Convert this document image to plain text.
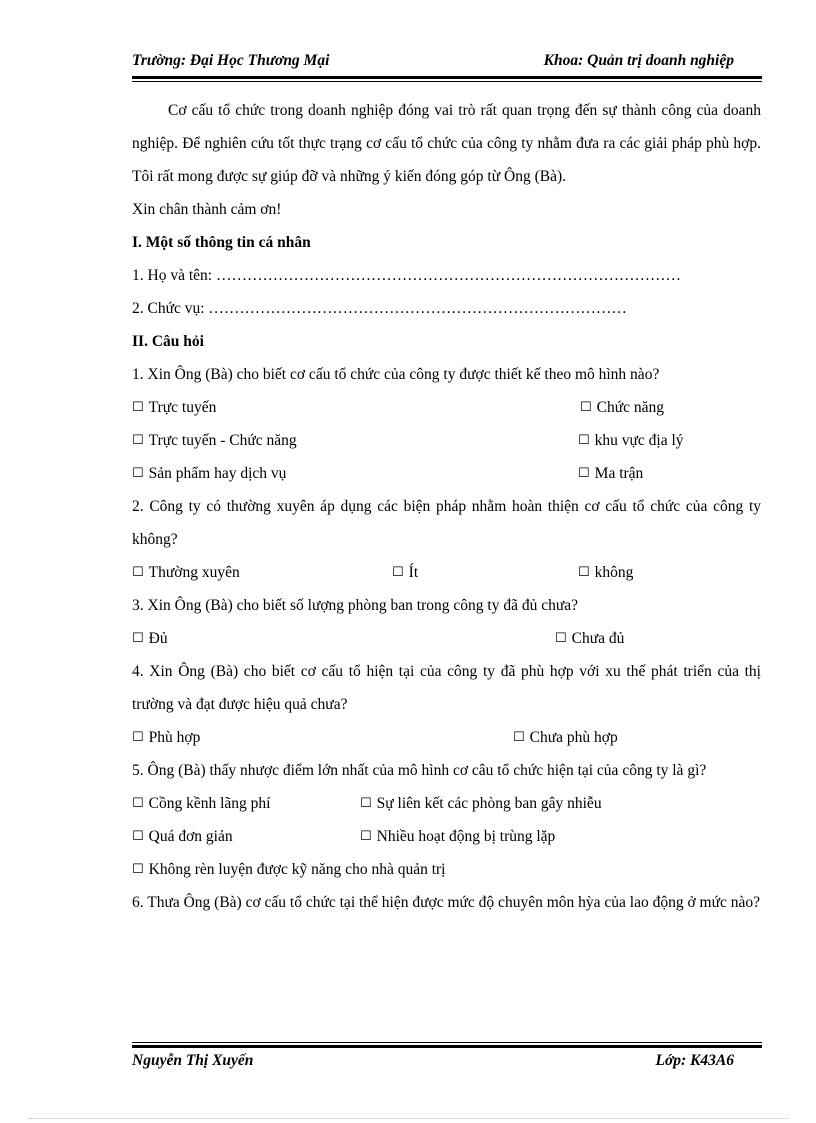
Trường: Đại Học Thương Mại	Khoa: Quản trị doanh nghiệp
Cơ cấu tổ chức trong doanh nghiệp đóng vai trò rất quan trọng đến sự thành công của doanh nghiệp. Để nghiên cứu tốt thực trạng cơ cấu tổ chức của công ty nhằm đưa ra các giải pháp phù hợp. Tôi rất mong được sự giúp đỡ và những ý kiến đóng góp từ Ông (Bà).
Xin chân thành cảm ơn!
I. Một số thông tin cá nhân
1. Họ và tên: ………………………………………………………………………………
2. Chức vụ: ………………………………………………………………………
II. Câu hỏi
1. Xin Ông (Bà) cho biết cơ cấu tổ chức của công ty được thiết kế theo mô hình nào?
☐ Trực tuyến	☐ Chức năng
☐ Trực tuyến - Chức năng	☐ khu vực địa lý
☐ Sản phẩm hay dịch vụ	☐ Ma trận
2. Công ty có thường xuyên áp dụng các biện pháp nhằm hoàn thiện cơ cấu tổ chức của công ty không?
☐ Thường xuyên	☐ Ít	☐ không
3. Xin Ông (Bà) cho biết số lượng phòng ban trong công ty đã đủ chưa?
☐ Đủ	☐ Chưa đủ
4. Xin Ông (Bà) cho biết cơ cấu tổ hiện tại của công ty đã phù hợp với xu thế phát triển của thị trường và đạt được hiệu quả chưa?
☐ Phù hợp	☐ Chưa phù hợp
5. Ông (Bà) thấy nhược điểm lớn nhất của mô hình cơ câu tổ chức hiện tại của công ty là gì?
☐ Cồng kềnh lãng phí	☐ Sự liên kết các phòng ban gây nhiễu
☐ Quá đơn giản	☐ Nhiều hoạt động bị trùng lặp
☐ Không rèn luyện được kỹ năng cho nhà quản trị
6. Thưa Ông (Bà) cơ cấu tổ chức tại thể hiện được mức độ chuyên môn hỳa của lao động ở mức nào?
Nguyễn Thị Xuyến	Lớp: K43A6
